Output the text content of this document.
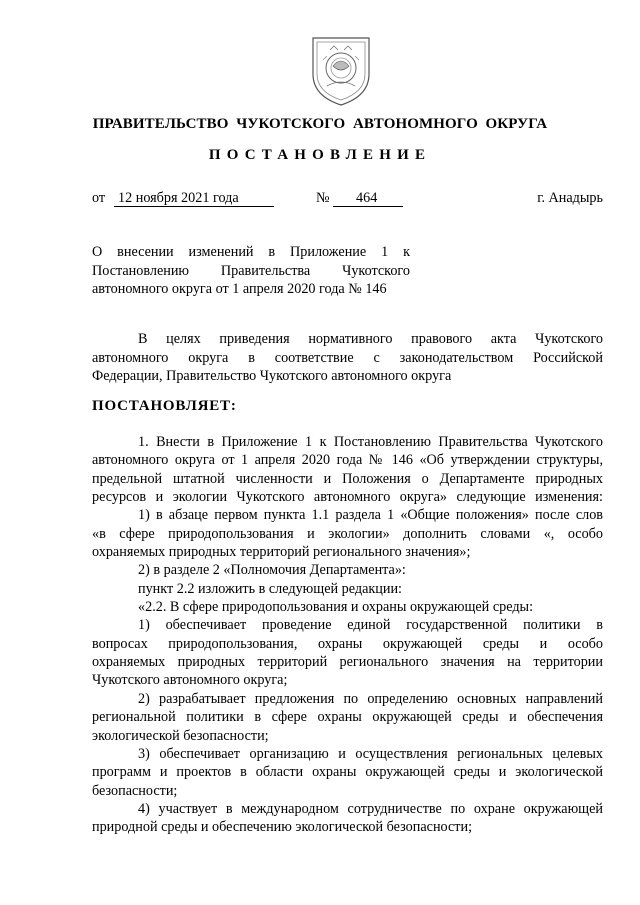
ПРАВИТЕЛЬСТВО  ЧУКОТСКОГО  АВТОНОМНОГО  ОКРУГА
ПОСТАНОВЛЕНИЕ
от 12 ноября 2021 года	№ 464	г. Анадырь
О внесении изменений в Приложение 1 к
Постановлению Правительства Чукотского
автономного округа от 1 апреля 2020 года № 146
В целях приведения нормативного правового акта Чукотского
автономного округа в соответствие с законодательством Российской
Федерации, Правительство Чукотского автономного округа
ПОСТАНОВЛЯЕТ:
1. Внести в Приложение 1 к Постановлению Правительства Чукотского
автономного округа от 1 апреля 2020 года № 146 «Об утверждении структуры,
предельной штатной численности и Положения о Департаменте природных
ресурсов и экологии Чукотского автономного округа» следующие изменения:
1) в абзаце первом пункта 1.1 раздела 1 «Общие положения» после слов
«в сфере природопользования и экологии» дополнить словами «, особо
охраняемых природных территорий регионального значения»;
2) в разделе 2 «Полномочия Департамента»:
пункт 2.2 изложить в следующей редакции:
«2.2. В сфере природопользования и охраны окружающей среды:
1) обеспечивает проведение единой государственной политики в
вопросах природопользования, охраны окружающей среды и особо
охраняемых природных территорий регионального значения на территории
Чукотского автономного округа;
2) разрабатывает предложения по определению основных направлений
региональной политики в сфере охраны окружающей среды и обеспечения
экологической безопасности;
3) обеспечивает организацию и осуществления региональных целевых
программ и проектов в области охраны окружающей среды и экологической
безопасности;
4) участвует в международном сотрудничестве по охране окружающей
природной среды и обеспечению экологической безопасности;
